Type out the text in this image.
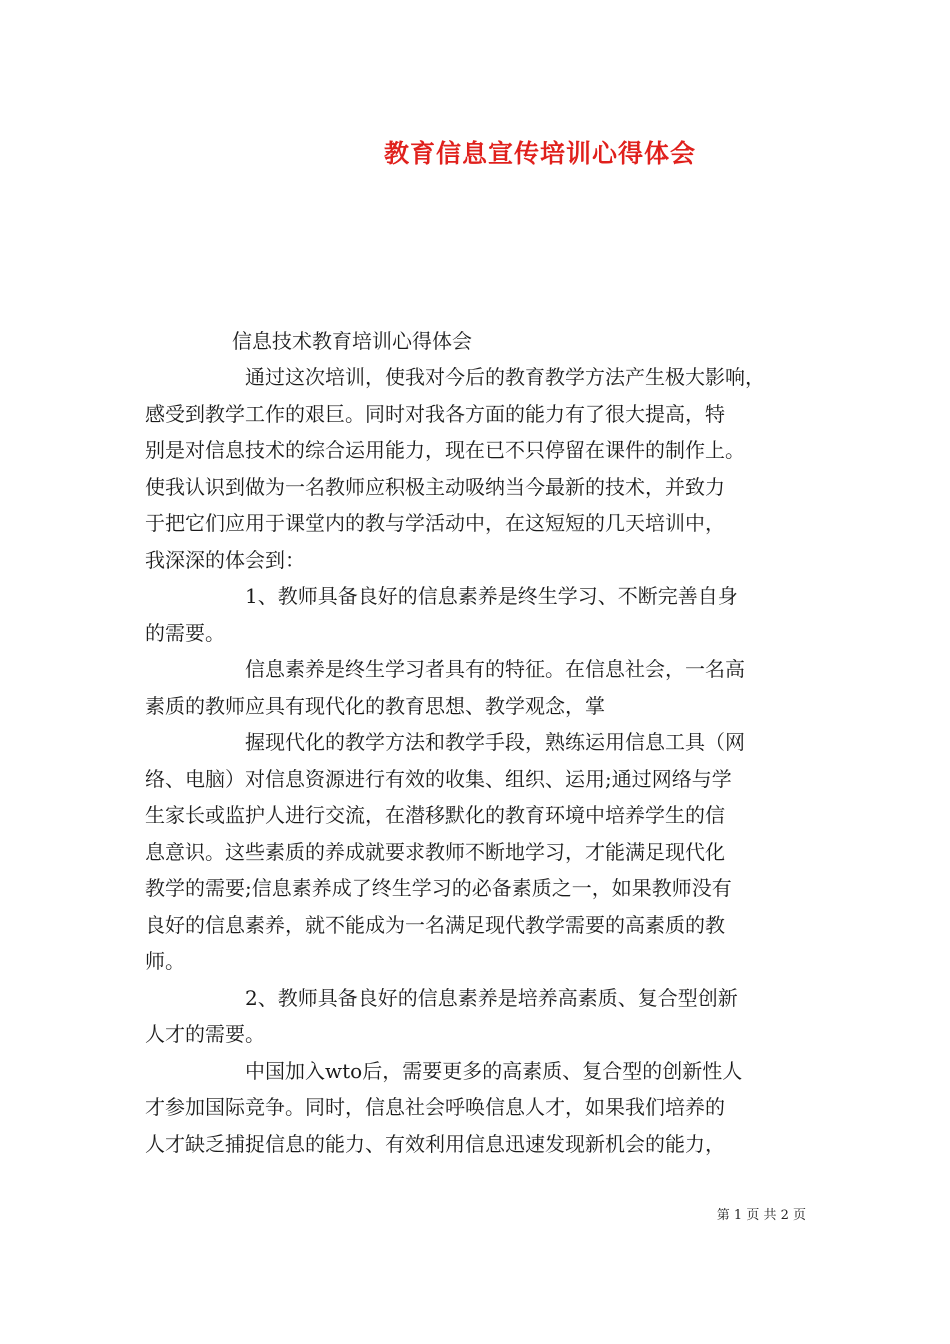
教育信息宣传培训心得体会
信息技术教育培训心得体会
通过这次培训，使我对今后的教育教学方法产生极大影响，
感受到教学工作的艰巨。同时对我各方面的能力有了很大提高，特
别是对信息技术的综合运用能力，现在已不只停留在课件的制作上。
使我认识到做为一名教师应积极主动吸纳当今最新的技术，并致力
于把它们应用于课堂内的教与学活动中，在这短短的几天培训中，
我深深的体会到：
1、教师具备良好的信息素养是终生学习、不断完善自身
的需要。
信息素养是终生学习者具有的特征。在信息社会，一名高
素质的教师应具有现代化的教育思想、教学观念，掌
握现代化的教学方法和教学手段，熟练运用信息工具（网
络、电脑）对信息资源进行有效的收集、组织、运用;通过网络与学
生家长或监护人进行交流，在潜移默化的教育环境中培养学生的信
息意识。这些素质的养成就要求教师不断地学习，才能满足现代化
教学的需要;信息素养成了终生学习的必备素质之一，如果教师没有
良好的信息素养，就不能成为一名满足现代教学需要的高素质的教
师。
2、教师具备良好的信息素养是培养高素质、复合型创新
人才的需要。
中国加入wto后，需要更多的高素质、复合型的创新性人
才参加国际竞争。同时，信息社会呼唤信息人才，如果我们培养的
人才缺乏捕捉信息的能力、有效利用信息迅速发现新机会的能力，
第 1 页 共 2 页
